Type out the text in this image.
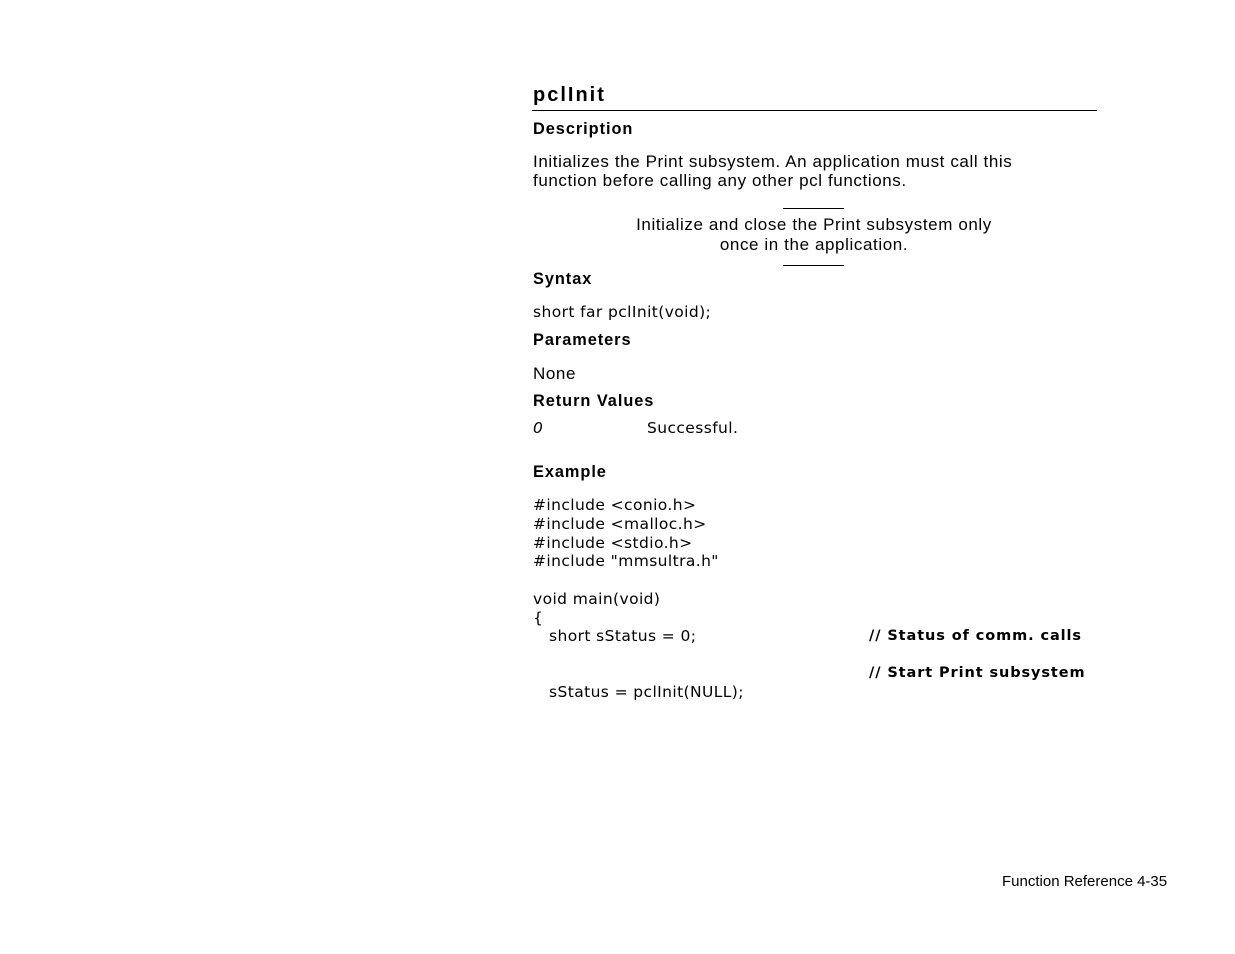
pclInit
Description
Initializes the Print subsystem. An application must call this
function before calling any other pcl functions.
Initialize and close the Print subsystem only
once in the application.
Syntax
short far pclInit(void);
Parameters
None
Return Values
0	Successful.
Example
#include <conio.h>
#include <malloc.h>
#include <stdio.h>
#include "mmsultra.h"
void main(void)
{
short sStatus = 0;	// Status of comm. calls
// Start Print subsystem
sStatus = pclInit(NULL);
Function Reference 4-35
